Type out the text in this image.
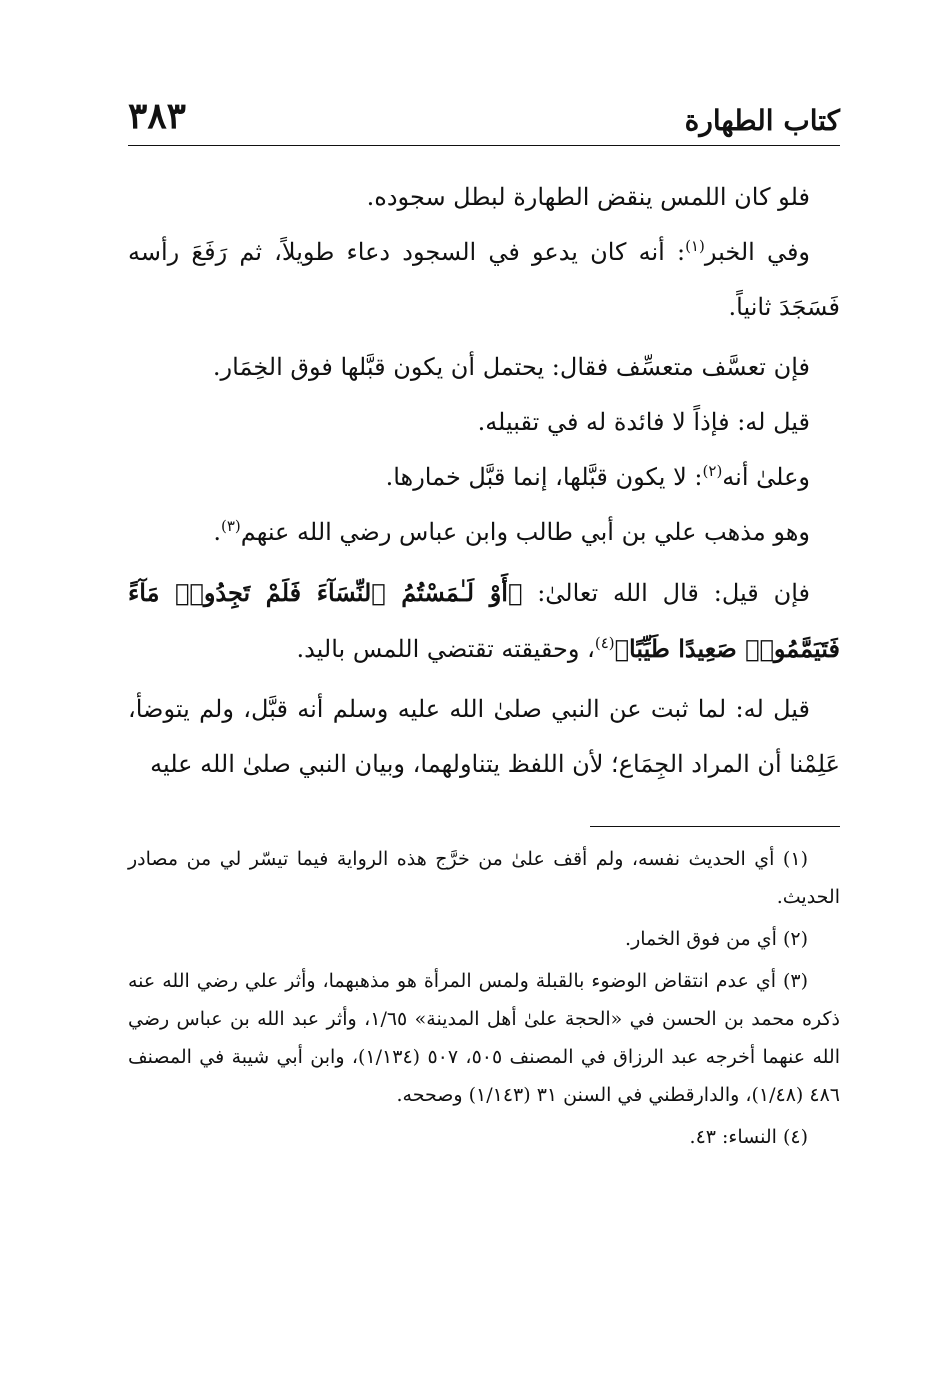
كتاب الطهارة
٣٨٣

فلو كان اللمس ينقض الطهارة لبطل سجوده.

وفي الخبر$^{(١)}$: أنه كان يدعو في السجود دعاء طويلاً، ثم رَفَعَ رأسه فَسَجَدَ ثانياً.

فإن تعسَّف متعسِّف فقال: يحتمل أن يكون قبَّلها فوق الخِمَار.

قيل له: فإذاً لا فائدة له في تقبيله.

وعلىٰ أنه$^{(٢)}$: لا يكون قبَّلها، إنما قبَّل خمارها.

وهو مذهب علي بن أبي طالب وابن عباس رضي الله عنهم$^{(٣)}$.

فإن قيل: قال الله تعالىٰ: ﴿أَوْ لَـٰمَسْتُمُ ٱلنِّسَآءَ فَلَمْ تَجِدُوا۟ مَآءً فَتَيَمَّمُوا۟ صَعِيدًا طَيِّبًا﴾$^{(٤)}$، وحقيقته تقتضي اللمس باليد.

قيل له: لما ثبت عن النبي صلىٰ الله عليه وسلم أنه قبَّل، ولم يتوضأ، عَلِمْنا أن المراد الجِمَاع؛ لأن اللفظ يتناولهما، وبيان النبي صلىٰ الله عليه

(١) أي الحديث نفسه، ولم أقف علىٰ من خرَّج هذه الرواية فيما تيسّر لي من مصادر الحديث.

(٢) أي من فوق الخمار.

(٣) أي عدم انتقاض الوضوء بالقبلة ولمس المرأة هو مذهبهما، وأثر علي رضي الله عنه ذكره محمد بن الحسن في «الحجة علىٰ أهل المدينة» ١/٦٥، وأثر عبد الله بن عباس رضي الله عنهما أخرجه عبد الرزاق في المصنف ٥٠٥، ٥٠٧ (١/١٣٤)، وابن أبي شيبة في المصنف ٤٨٦ (١/٤٨)، والدارقطني في السنن ٣١ (١/١٤٣) وصححه.

(٤) النساء: ٤٣.
